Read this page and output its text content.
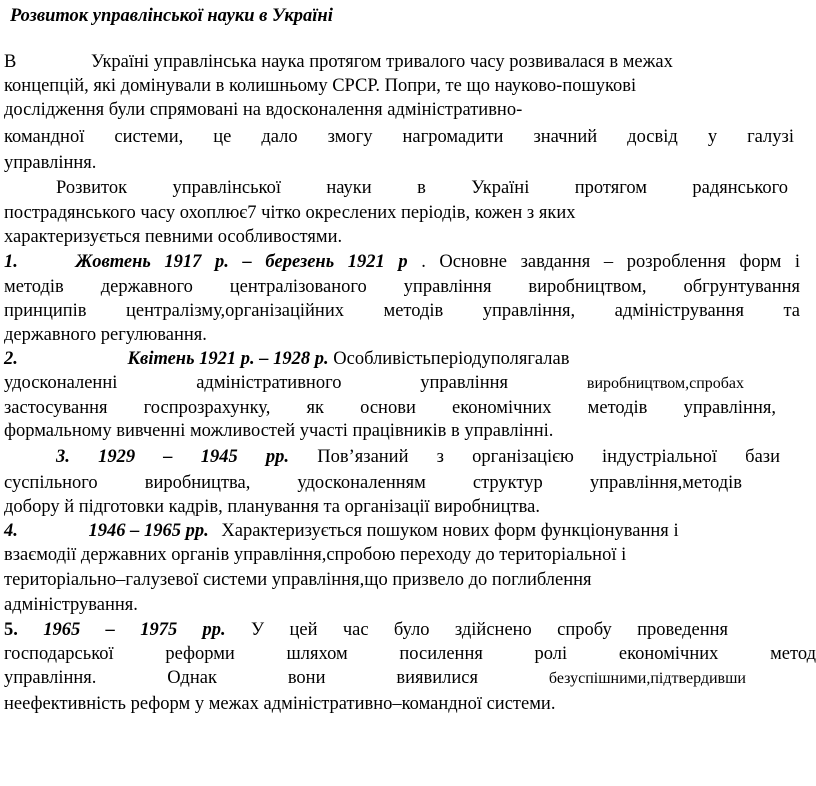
Розвиток управлінської науки в Україні
В	Україні управлінська наука протягом тривалого часу розвивалася в межах
концепцій, які домінували в колишньому СРСР. Попри, те що науково-пошукові
дослідження були спрямовані на вдосконалення адміністративно-
командної системи, це дало змогу нагромадити значний досвід у галузі
управління.
Розвиток управлінської науки в Україні протягом радянського
пострадянського часу охоплює7 чітко окреслених періодів, кожен з яких
характеризується певними особливостями.
1.	Жовтень 1917 р. – березень 1921 р . Основне завдання – розроблення форм і
методів державного централізованого управління виробництвом, обгрунтування
принципів централізму,організаційних методів управління, адміністрування та
державного регулювання.
2.	Квітень 1921 р. – 1928 р. Особливістьперіодуполягалав
удосконаленні адміністративного управління	виробництвом,спробах
застосування госпрозрахунку, як основи економічних методів управління,
формальному вивченні можливостей участі працівників в управлінні.
3. 1929 – 1945 рр. Пов’язаний з організацією індустріальної бази
суспільного виробництва, удосконаленням структур управління,методів
добору й підготовки кадрів, планування та організації виробництва.
4.	1946 – 1965 рр. Характеризується пошуком нових форм функціонування і
взаємодії державних органів управління,спробою переходу до територіальної і
територіально–галузевої системи управління,що призвело до поглиблення
адміністрування.
5. 1965 – 1975 рр. У цей час було здійснено спробу проведення
господарської реформи шляхом посилення ролі економічних метод
управління. Однак вони виявилися	безуспішними,підтвердивши
неефективність реформ у межах адміністративно–командної системи.
